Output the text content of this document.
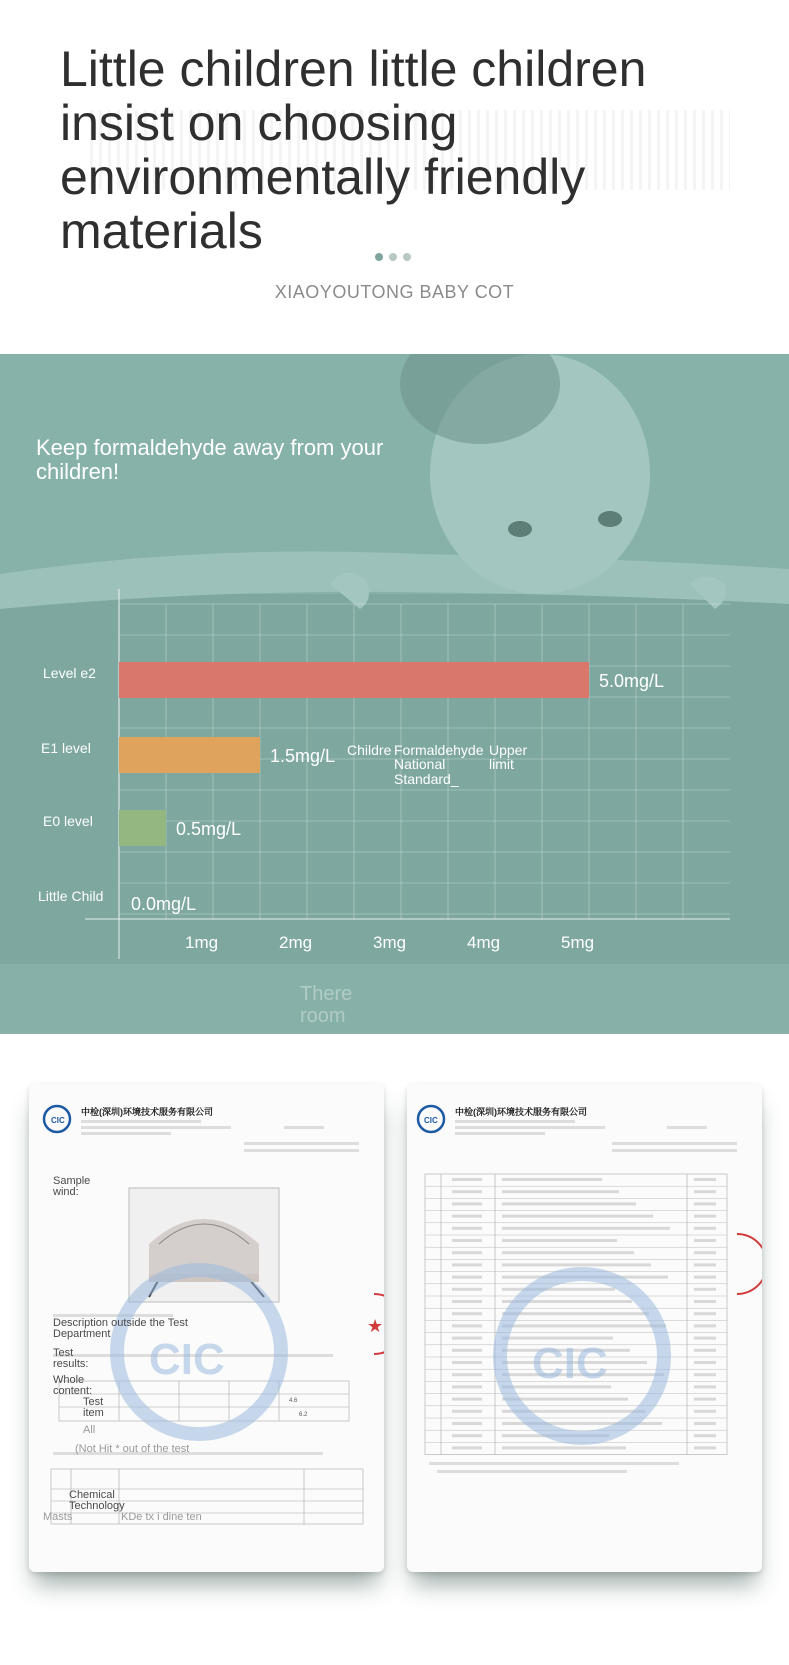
Little children little children insist on choosing environmentally friendly materials
XIAOYOUTONG BABY COT
Keep formaldehyde away from your children!
Level e2	5.0mg/L
E1 level	1.5mg/L
E0 level	0.5mg/L
Little Child 0.0mg/L
1mg	2mg	3mg	4mg	5mg
Childre Formaldehyde Upper
National	limit
Standard_
There
room
CIC
中检(深圳)环境技术服务有限公司
★
4.6
6.2
CIC
Sample wind:
Description outside the Test Department
Test results:
Whole content:
Test item
All
(Not Hit * out of the test
Chemical Technology
Masts	KDe tx i dine ten
CIC
中检(深圳)环境技术服务有限公司
CIC
